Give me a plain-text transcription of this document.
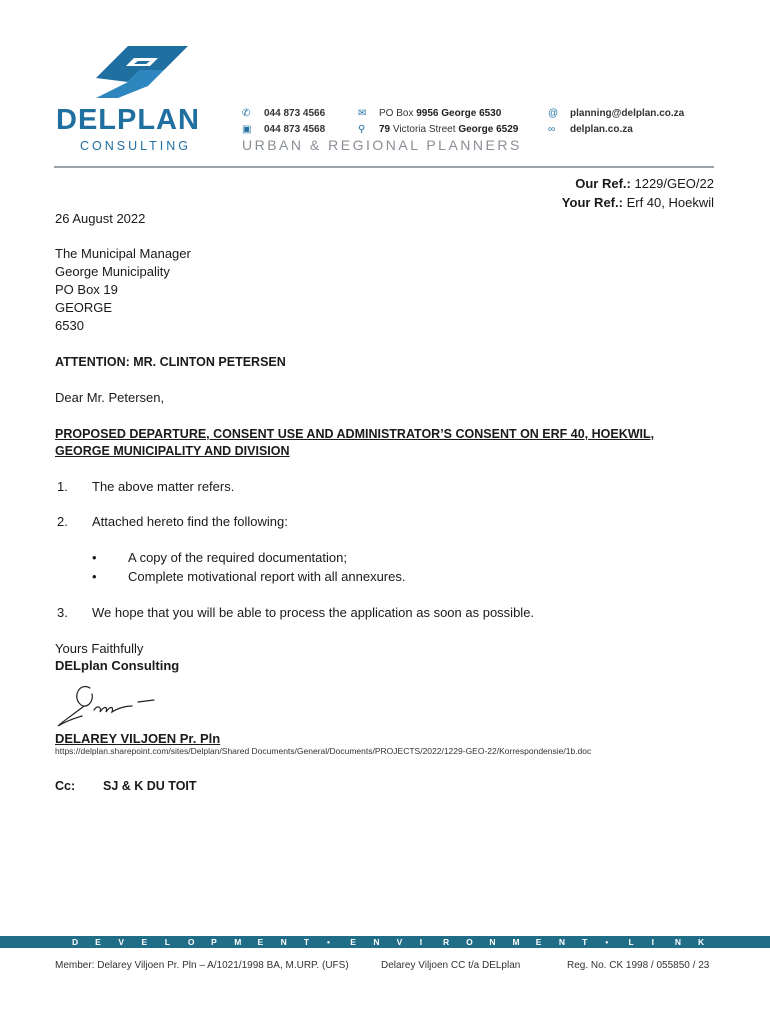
DELPLAN
CONSULTING
✆ 044 873 4566
▣ 044 873 4568
✉ PO Box 9956 George 6530
⚲ 79 Victoria Street George 6529
@ planning@delplan.co.za
∞ delplan.co.za
URBAN & REGIONAL PLANNERS
Our Ref.: 1229/GEO/22
Your Ref.: Erf 40, Hoekwil
26 August 2022
The Municipal Manager
George Municipality
PO Box 19
GEORGE
6530
ATTENTION: MR. CLINTON PETERSEN
Dear Mr. Petersen,
PROPOSED DEPARTURE, CONSENT USE AND ADMINISTRATOR’S CONSENT ON ERF 40, HOEKWIL,
GEORGE MUNICIPALITY AND DIVISION
1. The above matter refers.
2. Attached hereto find the following:
• A copy of the required documentation;
• Complete motivational report with all annexures.
3. We hope that you will be able to process the application as soon as possible.
Yours Faithfully
DELplan Consulting
DELAREY VILJOEN Pr. Pln
https://delplan.sharepoint.com/sites/Delplan/Shared Documents/General/Documents/PROJECTS/2022/1229-GEO-22/Korrespondensie/1b.doc
Cc: SJ & K DU TOIT
D E V E L O P M E N T • E N V I R O N M E N T • L I N K
Member: Delarey Viljoen Pr. Pln – A/1021/1998 BA, M.URP. (UFS)	Delarey Viljoen CC t/a DELplan	Reg. No. CK 1998 / 055850 / 23
